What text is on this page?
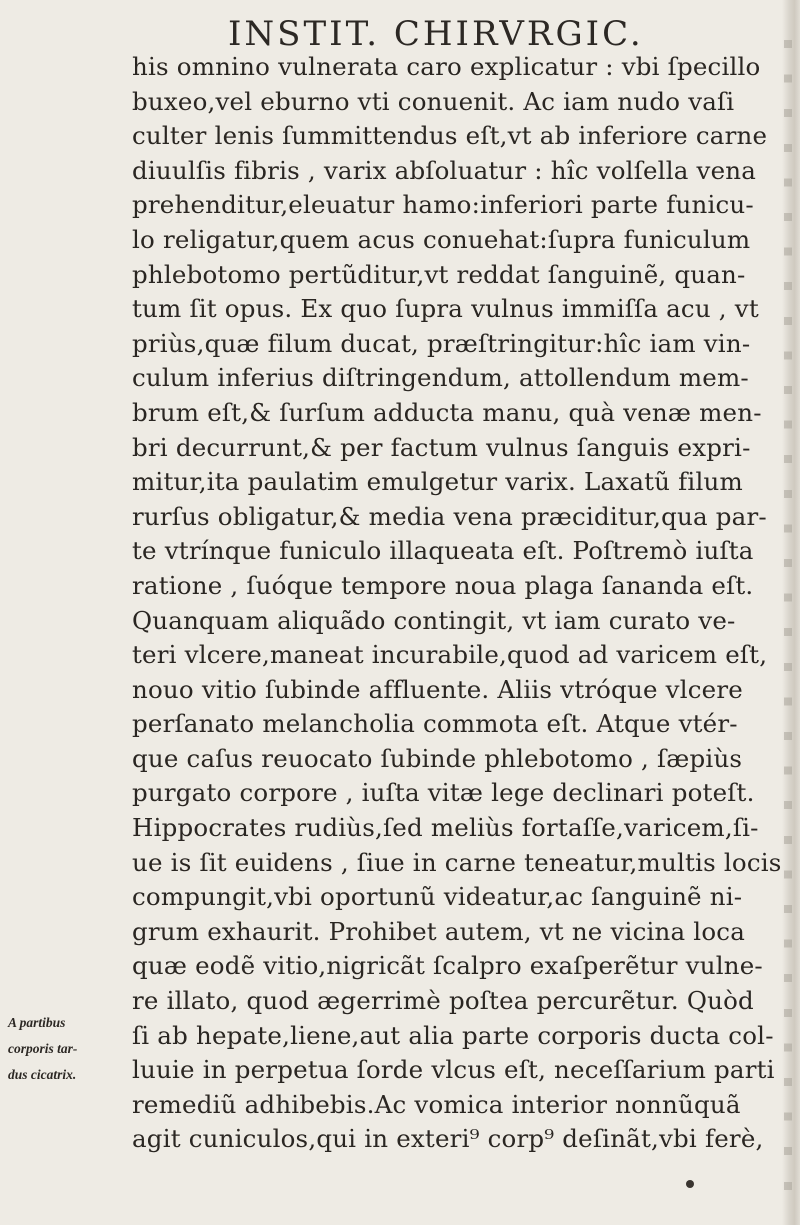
INSTIT. CHIRVRGIC.
his omnino vulnerata caro explicatur : vbi ſpecillo
buxeo,vel eburno vti conuenit. Ac iam nudo vaſi
culter lenis ſummittendus eſt,vt ab inferiore carne
diuulſis fibris , varix abſoluatur : hîc volſella vena
prehenditur,eleuatur hamo:inferiori parte funicu-
lo religatur,quem acus conuehat:ſupra funiculum
phlebotomo pertũditur,vt reddat ſanguinẽ, quan-
tum ſit opus. Ex quo ſupra vulnus immiſſa acu , vt
priùs,quæ filum ducat, præſtringitur:hîc iam vin-
culum inferius diſtringendum, attollendum mem-
brum eſt,& ſurſum adductа manu, quà venæ men-
bri decurrunt,& per factum vulnus ſanguis expri-
mitur,ita paulatim emulgetur varix. Laxatũ filum
rurſus obligatur,& media vena præciditur,qua par-
te vtrínque funiculo illaqueata eſt. Poſtremò iuſta
ratione , ſuóque tempore noua plaga ſananda eſt.
Quanquam aliquãdo contingit, vt iam curato ve-
teri vlcere,maneat incurabile,quod ad varicem eſt,
nouo vitio ſubinde affluente. Aliis vtróque vlcere
perſanato melancholia commota eſt. Atque vtér-
que caſus reuocato ſubinde phlebotomo , ſæpiùs
purgato corpore , iuſta vitæ lege declinari poteſt.
Hippocrates rudiùs,ſed meliùs fortaſſe,varicem,ſi-
ue is ſit euidens , ſiue in carne teneatur,multis locis
compungit,vbi oportunũ videatur,ac ſanguinẽ ni-
grum exhaurit. Prohibet autem, vt ne vicina loca
quæ eodẽ vitio,nigricãt ſcalpro exaſperẽtur vulne-
re illato, quod ægerrimè poſtea percurẽtur. Quòd
ſi ab hepate,liene,aut alia parte corporis ducta col-
luuie in perpetua ſorde vlcus eſt, neceſſarium parti
remediũ adhibebis.Ac vomica interior nonnũquã
agit cuniculos,qui in exteri⁹ corp⁹ deſinãt,vbi ferè,
A partibus
corporis tar-
dus cicatrix.
